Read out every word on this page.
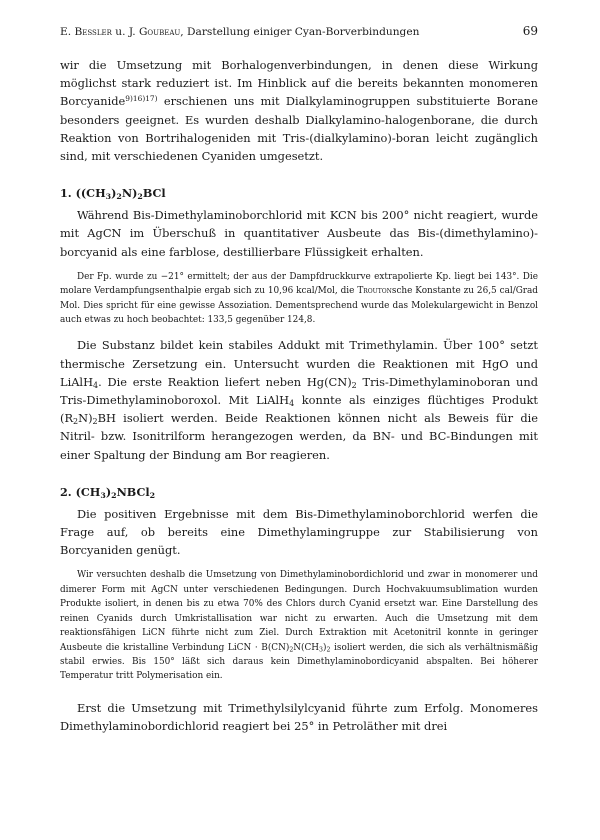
E. Bessler u. J. Goubeau, Darstellung einiger Cyan-Borverbindungen	69

wir die Umsetzung mit Borhalogenverbindungen, in denen diese Wirkung möglichst stark reduziert ist. Im Hinblick auf die bereits bekannten monomeren Borcyanide$^{9)16)17)}$ erschienen uns mit Dialkylaminogruppen substituierte Borane besonders geeignet. Es wurden deshalb Dialkylamino-halogenborane, die durch Reaktion von Bortrihalogeniden mit Tris-(dialkylamino)-boran leicht zugänglich sind, mit verschiedenen Cyaniden umgesetzt.

1. $((CH_3)_2N)_2BCl$

Während Bis-Dimethylaminoborchlorid mit KCN bis 200° nicht reagiert, wurde mit AgCN im Überschuß in quantitativer Ausbeute das Bis-(dimethylamino)-borcyanid als eine farblose, destillierbare Flüssigkeit erhalten.

Der Fp. wurde zu −21° ermittelt; der aus der Dampfdruckkurve extrapolierte Kp. liegt bei 143°. Die molare Verdampfungsenthalpie ergab sich zu 10,96 kcal/Mol, die Troutonsche Konstante zu 26,5 cal/Grad Mol. Dies spricht für eine gewisse Assoziation. Dementsprechend wurde das Molekulargewicht in Benzol auch etwas zu hoch beobachtet: 133,5 gegenüber 124,8.

Die Substanz bildet kein stabiles Addukt mit Trimethylamin. Über 100° setzt thermische Zersetzung ein. Untersucht wurden die Reaktionen mit HgO und LiAlH$_4$. Die erste Reaktion liefert neben $Hg(CN)_2$ Tris-Dimethylaminoboran und Tris-Dimethylaminoboroxol. Mit LiAlH$_4$ konnte als einziges flüchtiges Produkt $(R_2N)_2BH$ isoliert werden. Beide Reaktionen können nicht als Beweis für die Nitril- bzw. Isonitrilform herangezogen werden, da BN- und BC-Bindungen mit einer Spaltung der Bindung am Bor reagieren.

2. $(CH_3)_2NBCl_2$

Die positiven Ergebnisse mit dem Bis-Dimethylaminoborchlorid werfen die Frage auf, ob bereits eine Dimethylamingruppe zur Stabilisierung von Borcyaniden genügt.

Wir versuchten deshalb die Umsetzung von Dimethylaminobordichlorid und zwar in monomerer und dimerer Form mit AgCN unter verschiedenen Bedingungen. Durch Hochvakuumsublimation wurden Produkte isoliert, in denen bis zu etwa 70% des Chlors durch Cyanid ersetzt war. Eine Darstellung des reinen Cyanids durch Umkristallisation war nicht zu erwarten. Auch die Umsetzung mit dem reaktionsfähigen LiCN führte nicht zum Ziel. Durch Extraktion mit Acetonitril konnte in geringer Ausbeute die kristalline Verbindung LiCN · $B(CN)_2N(CH_3)_2$ isoliert werden, die sich als verhältnismäßig stabil erwies. Bis 150° läßt sich daraus kein Dimethylaminobordicyanid abspalten. Bei höherer Temperatur tritt Polymerisation ein.

Erst die Umsetzung mit Trimethylsilylcyanid führte zum Erfolg. Monomeres Dimethylaminobordichlorid reagiert bei 25° in Petroläther mit drei
